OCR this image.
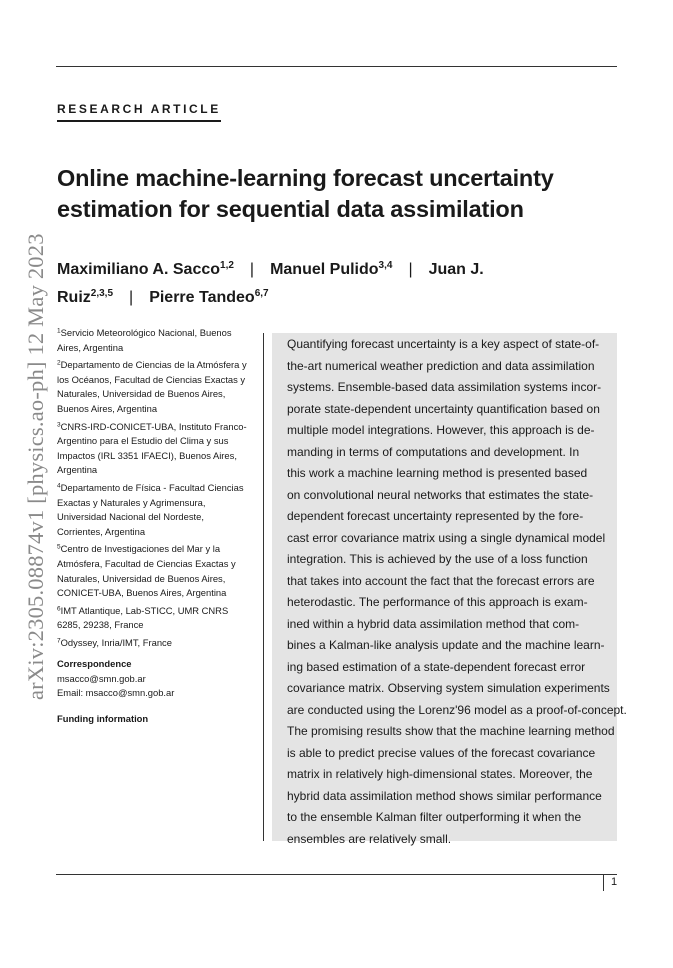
arXiv:2305.08874v1 [physics.ao-ph] 12 May 2023
RESEARCH ARTICLE
Online machine-learning forecast uncertainty
estimation for sequential data assimilation
Maximiliano A. Sacco$^{1,2}$ | Manuel Pulido$^{3,4}$ | Juan J.
Ruiz$^{2,3,5}$ | Pierre Tandeo$^{6,7}$

$^1$Servicio Meteorológico Nacional, Buenos Aires, Argentina

$^2$Departamento de Ciencias de la Atmósfera y los Océanos, Facultad de Ciencias Exactas y Naturales, Universidad de Buenos Aires, Buenos Aires, Argentina

$^3$CNRS-IRD-CONICET-UBA, Instituto Franco-Argentino para el Estudio del Clima y sus Impactos (IRL 3351 IFAECI), Buenos Aires, Argentina

$^4$Departamento de Física - Facultad Ciencias Exactas y Naturales y Agrimensura, Universidad Nacional del Nordeste, Corrientes, Argentina

$^5$Centro de Investigaciones del Mar y la Atmósfera, Facultad de Ciencias Exactas y Naturales, Universidad de Buenos Aires, CONICET-UBA, Buenos Aires, Argentina

$^6$IMT Atlantique, Lab-STICC, UMR CNRS 6285, 29238, France

$^7$Odyssey, Inria/IMT, France

Correspondence
msacco@smn.gob.ar
Email: msacco@smn.gob.ar
Funding information

Quantifying forecast uncertainty is a key aspect of state-of-
the-art numerical weather prediction and data assimilation
systems. Ensemble-based data assimilation systems incor-
porate state-dependent uncertainty quantification based on
multiple model integrations. However, this approach is de-
manding in terms of computations and development. In
this work a machine learning method is presented based
on convolutional neural networks that estimates the state-
dependent forecast uncertainty represented by the fore-
cast error covariance matrix using a single dynamical model
integration. This is achieved by the use of a loss function
that takes into account the fact that the forecast errors are
heterodastic. The performance of this approach is exam-
ined within a hybrid data assimilation method that com-
bines a Kalman-like analysis update and the machine learn-
ing based estimation of a state-dependent forecast error
covariance matrix. Observing system simulation experiments
are conducted using the Lorenz'96 model as a proof-of-concept.
The promising results show that the machine learning method
is able to predict precise values of the forecast covariance
matrix in relatively high-dimensional states. Moreover, the
hybrid data assimilation method shows similar performance
to the ensemble Kalman filter outperforming it when the
ensembles are relatively small.

1
